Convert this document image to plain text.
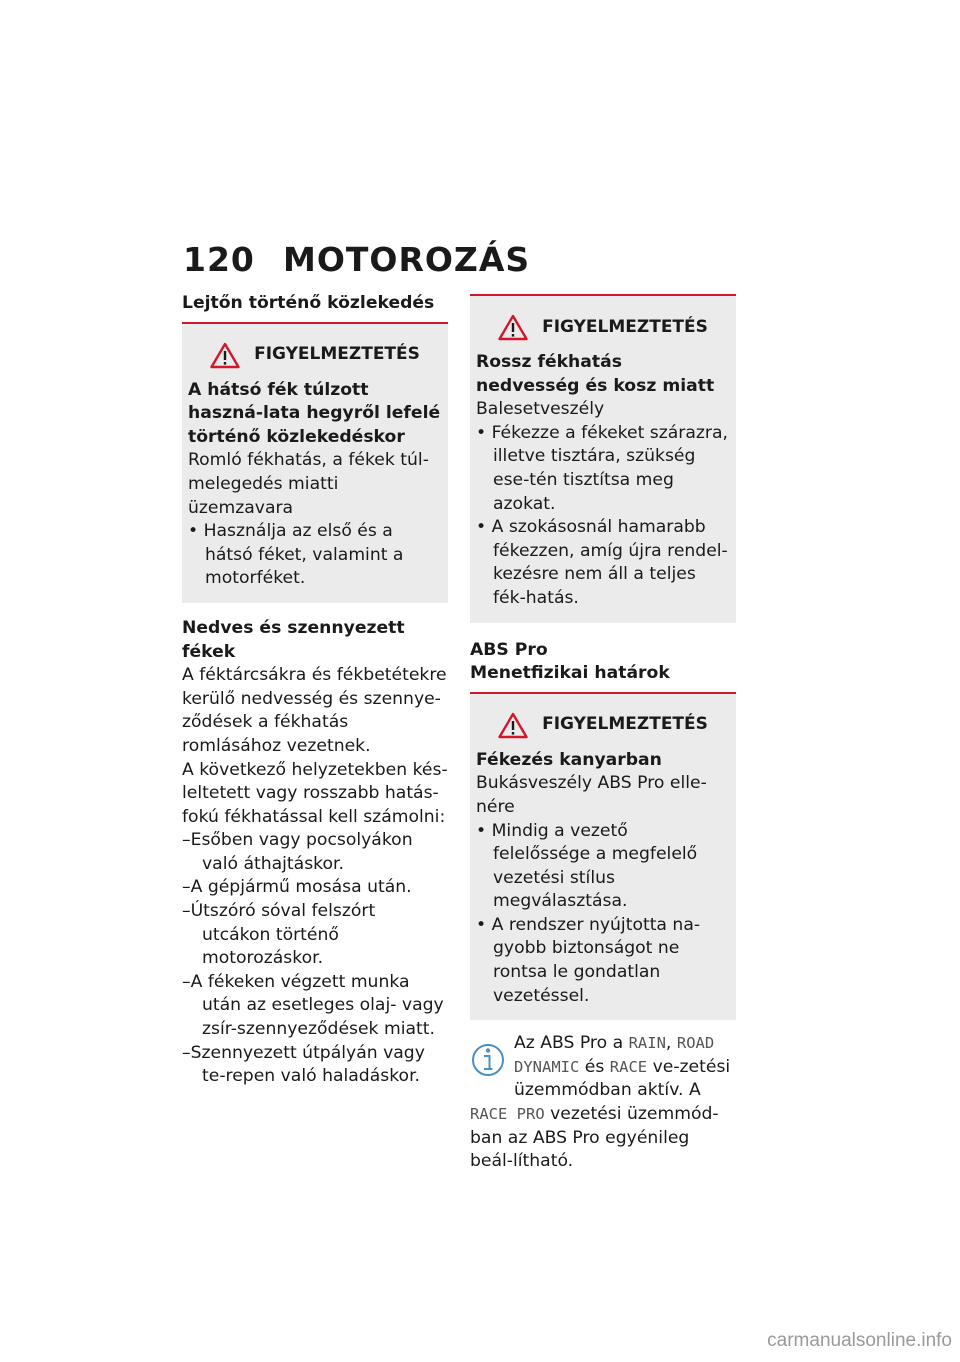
120 MOTOROZÁS

Lejtőn történő közlekedés

FIGYELMEZTETÉS
A hátsó fék túlzott haszná-lata hegyről lefelé történő közlekedéskor
Romló fékhatás, a fékek túl-melegedés miatti üzemzavara
• Használja az első és a hátsó féket, valamint a motorféket.

Nedves és szennyezett fékek

A féktárcsákra és fékbetétekre kerülő nedvesség és szennye-ződések a fékhatás romlásához vezetnek.
A következő helyzetekben kés-leltetett vagy rosszabb hatás-fokú fékhatással kell számolni:
–Esőben vagy pocsolyákon való áthajtáskor.
–A gépjármű mosása után.
–Útszóró sóval felszórt utcákon történő motorozáskor.
–A fékeken végzett munka után az esetleges olaj- vagy zsír-szennyeződések miatt.
–Szennyezett útpályán vagy te-repen való haladáskor.
FIGYELMEZTETÉS
Rossz fékhatás nedvesség és kosz miatt
Balesetveszély
• Fékezze a fékeket szárazra, illetve tisztára, szükség ese-tén tisztítsa meg azokat.
• A szokásosnál hamarabb fékezzen, amíg újra rendel-kezésre nem áll a teljes fék-hatás.

ABS Pro

Menetfizikai határok

FIGYELMEZTETÉS
Fékezés kanyarban
Bukásveszély ABS Pro elle-nére
• Mindig a vezető felelőssége a megfelelő vezetési stílus megválasztása.
• A rendszer nyújtotta na-gyobb biztonságot ne rontsa le gondatlan vezetéssel.
Az ABS Pro a RAIN, ROAD DYNAMIC és RACE ve-zetési üzemmódban aktív. A RACE PRO vezetési üzemmód-ban az ABS Pro egyénileg beál-lítható.
carmanualsonline.info
